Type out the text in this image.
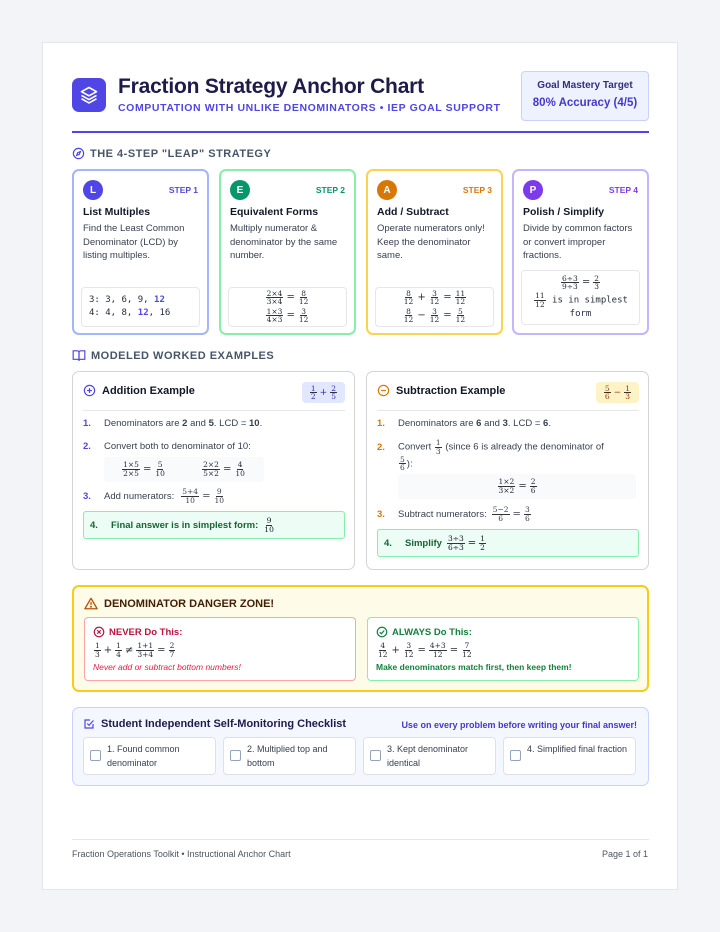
Fraction Strategy Anchor Chart
COMPUTATION WITH UNLIKE DENOMINATORS • IEP GOAL SUPPORT
Goal Mastery Target
80% Accuracy (4/5)
THE 4-STEP "LEAP" STRATEGY
L	STEP 1
List Multiples
Find the Least Common Denominator (LCD) by listing multiples.
3: 3, 6, 9, 12
4: 4, 8, 12, 16
E	STEP 2
Equivalent Forms
Multiply numerator & denominator by the same number.
$\frac{2\times 4}{3\times 4} = \frac{8}{12}$
$\frac{1\times 3}{4\times 3} = \frac{3}{12}$
A	STEP 3
Add / Subtract
Operate numerators only! Keep the denominator same.
$\frac{8}{12} + \frac{3}{12} = \frac{11}{12}$
$\frac{8}{12} - \frac{3}{12} = \frac{5}{12}$
P	STEP 4
Polish / Simplify
Divide by common factors or convert improper fractions.
$\frac{6\div 3}{9\div 3} = \frac{2}{3}$
$\frac{11}{12}$ is in simplest form
MODELED WORKED EXAMPLES
Addition Example	$\frac{1}{2} + \frac{2}{5}$
1. Denominators are 2 and 5. LCD = 10.
2. Convert both to denominator of 10:
$\frac{1\times 5}{2\times 5} = \frac{5}{10}$	$\frac{2\times 2}{5\times 2} = \frac{4}{10}$
3.	Add numerators: $\frac{5+4}{10} = \frac{9}{10}$
4.	Final answer is in simplest form: $\frac{9}{10}$
Subtraction Example	$\frac{5}{6} - \frac{1}{3}$
1. Denominators are 6 and 3. LCD = 6.
2. Convert $\frac{1}{3}$ (since 6 is already the denominator of
$\frac{5}{6}$ ):
$\frac{1\times 2}{3\times 2} = \frac{2}{6}$
3.	Subtract numerators: $\frac{5-2}{6} = \frac{3}{6}$
4.	Simplify $\frac{3\div 3}{6\div 3} = \frac{1}{2}$
DENOMINATOR DANGER ZONE!
NEVER Do This:
$\frac{1}{3} + \frac{1}{4} \ne \frac{1+1}{3+4} = \frac{2}{7}$
Never add or subtract bottom numbers!
ALWAYS Do This:
$\frac{4}{12} + \frac{3}{12} = \frac{4+3}{12} = \frac{7}{12}$
Make denominators match first, then keep them!
Student Independent Self-Monitoring Checklist	Use on every problem before writing your final answer!
1. Found common denominator
2. Multiplied top and bottom
3. Kept denominator identical
4. Simplified final fraction
Fraction Operations Toolkit • Instructional Anchor Chart	Page 1 of 1
